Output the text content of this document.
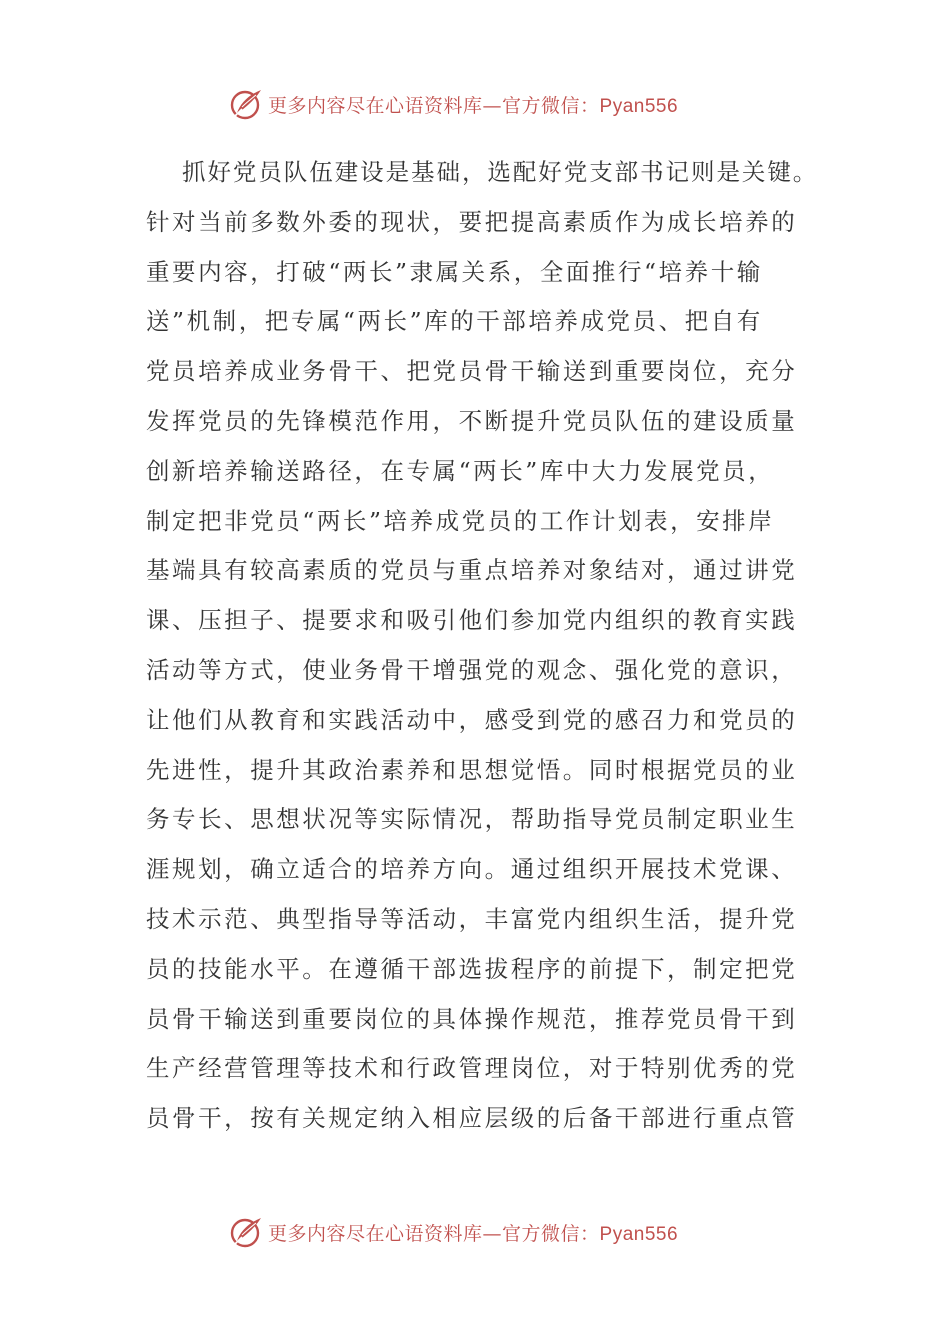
更多内容尽在心语资料库—官方微信：Pyan556
抓好党员队伍建设是基础，选配好党支部书记则是关键。
针对当前多数外委的现状，要把提高素质作为成长培养的
重要内容，打破“两长”隶属关系，全面推行“培养十输
送”机制，把专属“两长”库的干部培养成党员、把自有
党员培养成业务骨干、把党员骨干输送到重要岗位，充分
发挥党员的先锋模范作用，不断提升党员队伍的建设质量
创新培养输送路径，在专属“两长”库中大力发展党员，
制定把非党员“两长”培养成党员的工作计划表，安排岸
基端具有较高素质的党员与重点培养对象结对，通过讲党
课、压担子、提要求和吸引他们参加党内组织的教育实践
活动等方式，使业务骨干增强党的观念、强化党的意识，
让他们从教育和实践活动中，感受到党的感召力和党员的
先进性，提升其政治素养和思想觉悟。同时根据党员的业
务专长、思想状况等实际情况，帮助指导党员制定职业生
涯规划，确立适合的培养方向。通过组织开展技术党课、
技术示范、典型指导等活动，丰富党内组织生活，提升党
员的技能水平。在遵循干部选拔程序的前提下，制定把党
员骨干输送到重要岗位的具体操作规范，推荐党员骨干到
生产经营管理等技术和行政管理岗位，对于特别优秀的党
员骨干，按有关规定纳入相应层级的后备干部进行重点管
更多内容尽在心语资料库—官方微信：Pyan556
